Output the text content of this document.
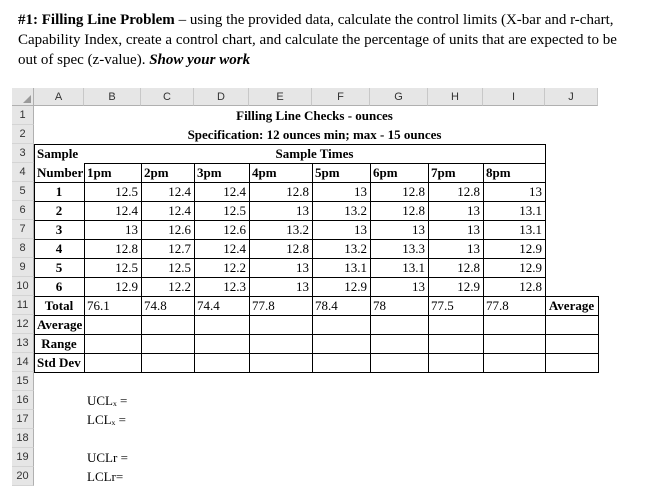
#1: Filling Line Problem – using the provided data, calculate the control limits (X-bar and r-chart, Capability Index, create a control chart, and calculate the percentage of units that are expected to be out of spec (z-value). Show your work
A	B	C	D	E	F	G	H	I	J
1
2
3
4
5
6
7
8
9
10
11
12
13
14
15
16
17
18
19
20
Filling Line Checks - ounces
Specification: 12 ounces min; max - 15 ounces
Sample	Sample Times
Number 1pm	2pm	3pm	4pm	5pm	6pm	7pm	8pm
1	12.5	12.4	12.4	12.8	13	12.8	12.8	13
2	12.4	12.4	12.5	13	13.2	12.8	13	13.1
3	13	12.6	12.6	13.2	13	13	13	13.1
4	12.8	12.7	12.4	12.8	13.2	13.3	13	12.9
5	12.5	12.5	12.2	13	13.1	13.1	12.8	12.9
6	12.9	12.2	12.3	13	12.9	13	12.9	12.8
Total	76.1	74.8	74.4	77.8	78.4	78	77.5	77.8	Average
Average
Range
Std Dev
UCLₓ =
LCLₓ =
UCLr =
LCLr=
